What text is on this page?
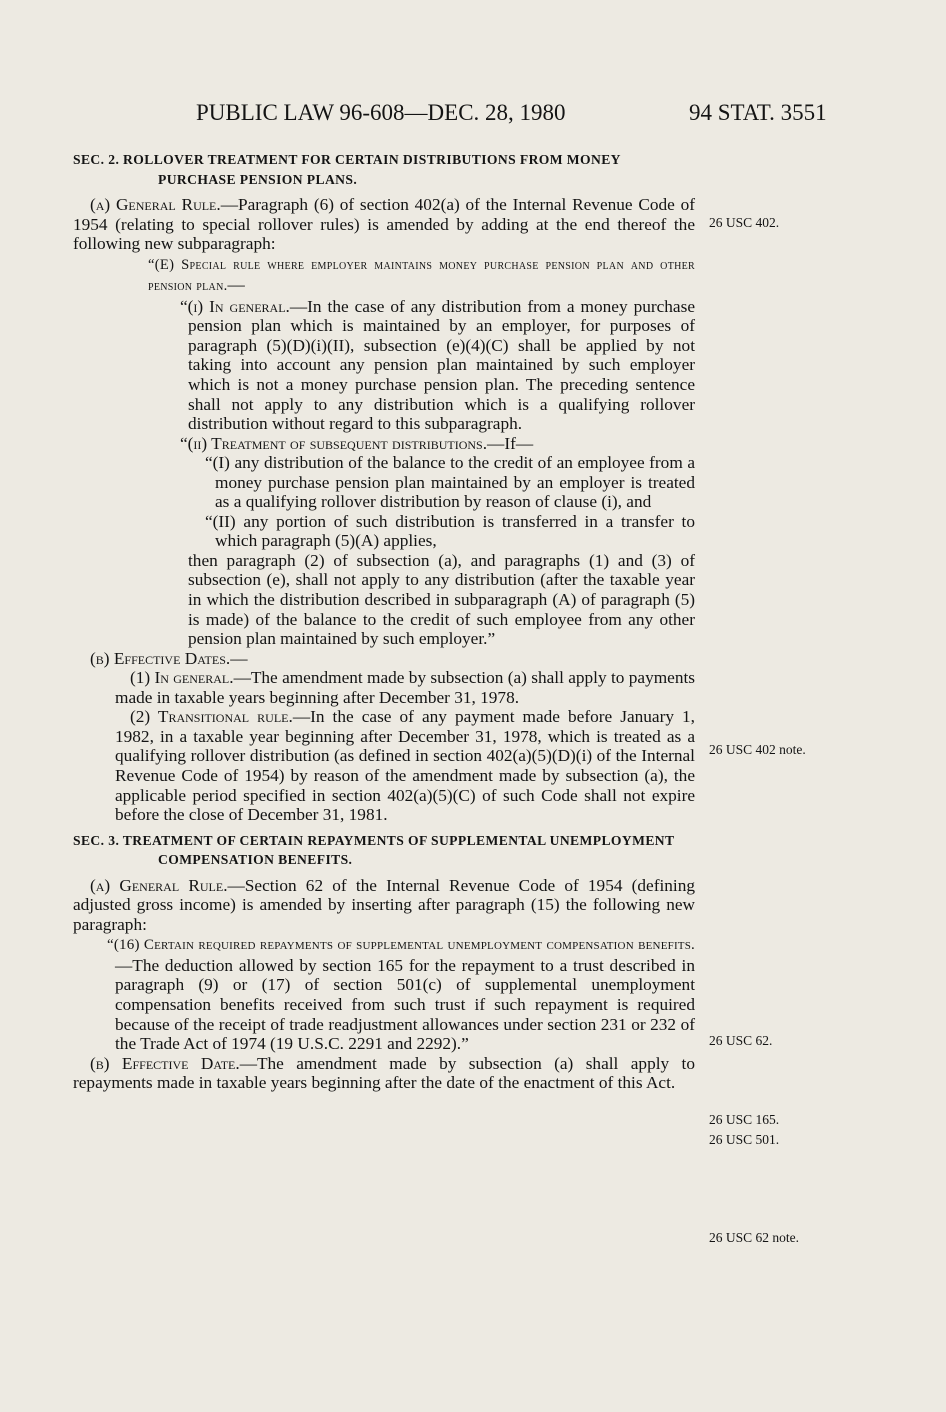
PUBLIC LAW 96-608—DEC. 28, 1980	94 STAT. 3551

SEC. 2. ROLLOVER TREATMENT FOR CERTAIN DISTRIBUTIONS FROM MONEY PURCHASE PENSION PLANS.

(a) General Rule.—Paragraph (6) of section 402(a) of the Internal Revenue Code of 1954 (relating to special rollover rules) is amended by adding at the end thereof the following new subparagraph:

“(E) Special rule where employer maintains money purchase pension plan and other pension plan.—

“(i) In general.—In the case of any distribution from a money purchase pension plan which is maintained by an employer, for purposes of paragraph (5)(D)(i)(II), subsection (e)(4)(C) shall be applied by not taking into account any pension plan maintained by such employer which is not a money purchase pension plan. The preceding sentence shall not apply to any distribution which is a qualifying rollover distribution without regard to this subparagraph.

“(ii) Treatment of subsequent distributions.—If—

“(I) any distribution of the balance to the credit of an employee from a money purchase pension plan maintained by an employer is treated as a qualifying rollover distribution by reason of clause (i), and

“(II) any portion of such distribution is transferred in a transfer to which paragraph (5)(A) applies,

then paragraph (2) of subsection (a), and paragraphs (1) and (3) of subsection (e), shall not apply to any distribution (after the taxable year in which the distribution described in subparagraph (A) of paragraph (5) is made) of the balance to the credit of such employee from any other pension plan maintained by such employer.”

(b) Effective Dates.—

(1) In general.—The amendment made by subsection (a) shall apply to payments made in taxable years beginning after December 31, 1978.

(2) Transitional rule.—In the case of any payment made before January 1, 1982, in a taxable year beginning after December 31, 1978, which is treated as a qualifying rollover distribution (as defined in section 402(a)(5)(D)(i) of the Internal Revenue Code of 1954) by reason of the amendment made by subsection (a), the applicable period specified in section 402(a)(5)(C) of such Code shall not expire before the close of December 31, 1981.

SEC. 3. TREATMENT OF CERTAIN REPAYMENTS OF SUPPLEMENTAL UNEMPLOYMENT COMPENSATION BENEFITS.

(a) General Rule.—Section 62 of the Internal Revenue Code of 1954 (defining adjusted gross income) is amended by inserting after paragraph (15) the following new paragraph:

“(16) Certain required repayments of supplemental unemployment compensation benefits.—The deduction allowed by section 165 for the repayment to a trust described in paragraph (9) or (17) of section 501(c) of supplemental unemployment compensation benefits received from such trust if such repayment is required because of the receipt of trade readjustment allowances under section 231 or 232 of the Trade Act of 1974 (19 U.S.C. 2291 and 2292).”

(b) Effective Date.—The amendment made by subsection (a) shall apply to repayments made in taxable years beginning after the date of the enactment of this Act.

26 USC 402.
26 USC 402 note.
26 USC 62.
26 USC 165.
26 USC 501.
26 USC 62 note.
